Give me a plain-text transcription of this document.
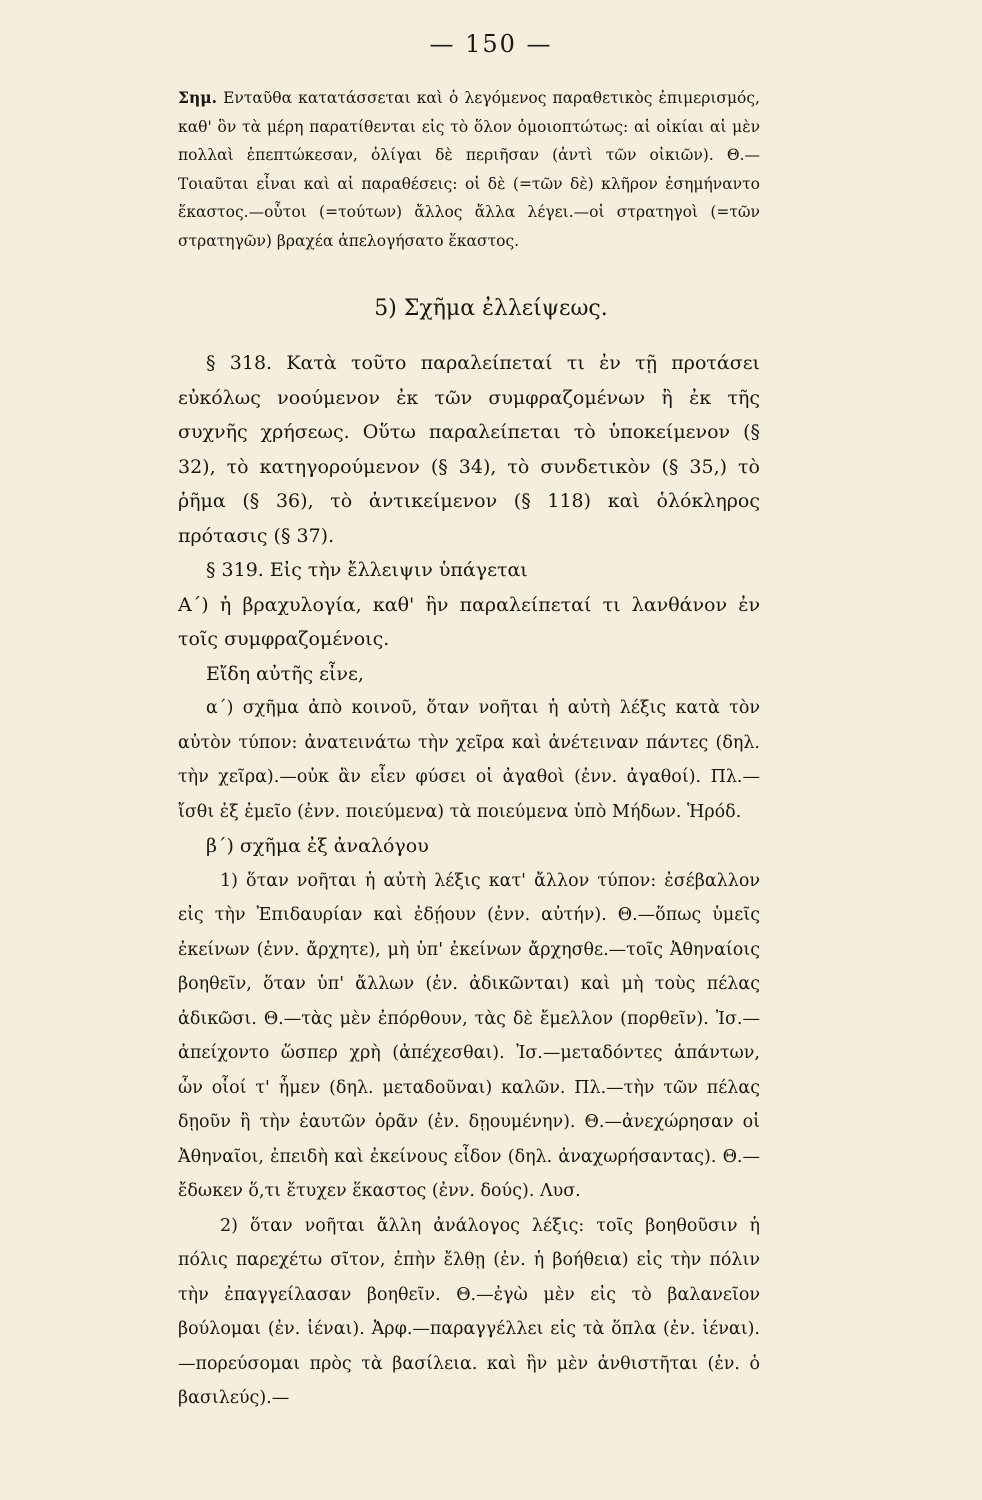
— 150 —
Σημ. Ενταῦθα κατατάσσεται καὶ ὁ λεγόμενος παραθετικὸς ἐπιμερισμός, καθ' ὃν τὰ μέρη παρατίθενται εἰς τὸ ὅλον ὁμοιοπτώτως: αἱ οἰκίαι αἱ μὲν πολλαὶ ἐπεπτώκεσαν, ὀλίγαι δὲ περιῆσαν (ἀντὶ τῶν οἰκιῶν). Θ.—Τοιαῦται εἶναι καὶ αἱ παραθέσεις: οἱ δὲ (=τῶν δὲ) κλῆρον ἐσημήναντο ἕκαστος.—οὗτοι (=τούτων) ἄλλος ἄλλα λέγει.—οἱ στρατηγοὶ (=τῶν στρατηγῶν) βραχέα ἀπελογήσατο ἕκαστος.
5) Σχῆμα ἐλλείψεως.

§ 318. Κατὰ τοῦτο παραλείπεταί τι ἐν τῇ προτάσει εὐκόλως νοούμενον ἐκ τῶν συμφραζομένων ἢ ἐκ τῆς συχνῆς χρήσεως. Οὕτω παραλείπεται τὸ ὑποκείμενον (§ 32), τὸ κατηγορούμενον (§ 34), τὸ συνδετικὸν (§ 35,) τὸ ῥῆμα (§ 36), τὸ ἀντικείμενον (§ 118) καὶ ὁλόκληρος πρότασις (§ 37).

§ 319. Εἰς τὴν ἔλλειψιν ὑπάγεται

Α΄) ἡ βραχυλογία, καθ' ἣν παραλείπεταί τι λανθάνον ἐν τοῖς συμφραζομένοις.

Εἴδη αὐτῆς εἶνε,

α΄) σχῆμα ἀπὸ κοινοῦ, ὅταν νοῆται ἡ αὐτὴ λέξις κατὰ τὸν αὐτὸν τύπον: ἀνατεινάτω τὴν χεῖρα καὶ ἀνέτειναν πάντες (δηλ. τὴν χεῖρα).—οὐκ ἂν εἶεν φύσει οἱ ἀγαθοὶ (ἐνν. ἀγαθοί). Πλ.— ἴσθι ἐξ ἐμεῖο (ἐνν. ποιεύμενα) τὰ ποιεύμενα ὑπὸ Μήδων. Ἡρόδ.

β΄) σχῆμα ἐξ ἀναλόγου

1) ὅταν νοῆται ἡ αὐτὴ λέξις κατ' ἄλλον τύπον: ἐσέβαλλον εἰς τὴν Ἐπιδαυρίαν καὶ ἐδῄουν (ἐνν. αὐτήν). Θ.—ὅπως ὑμεῖς ἐκείνων (ἐνν. ἄρχητε), μὴ ὑπ' ἐκείνων ἄρχησθε.—τοῖς Ἀθηναίοις βοηθεῖν, ὅταν ὑπ' ἄλλων (ἐν. ἀδικῶνται) καὶ μὴ τοὺς πέλας ἀδικῶσι. Θ.—τὰς μὲν ἐπόρθουν, τὰς δὲ ἔμελλον (πορθεῖν). Ἰσ.— ἀπείχοντο ὥσπερ χρὴ (ἀπέχεσθαι). Ἰσ.—μεταδόντες ἁπάντων, ὧν οἷοί τ' ἦμεν (δηλ. μεταδοῦναι) καλῶν. Πλ.—τὴν τῶν πέλας δῃοῦν ἢ τὴν ἑαυτῶν ὁρᾶν (ἐν. δῃουμένην). Θ.—ἀνεχώρησαν οἱ Ἀθηναῖοι, ἐπειδὴ καὶ ἐκείνους εἶδον (δηλ. ἀναχωρήσαντας). Θ.—ἔδωκεν ὅ,τι ἔτυχεν ἕκαστος (ἐνν. δούς). Λυσ.

2) ὅταν νοῆται ἄλλη ἀνάλογος λέξις: τοῖς βοηθοῦσιν ἡ πόλις παρεχέτω σῖτον, ἐπὴν ἔλθῃ (ἐν. ἡ βοήθεια) εἰς τὴν πόλιν τὴν ἐπαγγείλασαν βοηθεῖν. Θ.—ἐγὼ μὲν εἰς τὸ βαλανεῖον βούλομαι (ἐν. ἰέναι). Ἀρφ.—παραγγέλλει εἰς τὰ ὅπλα (ἐν. ἰέναι).—πορεύσομαι πρὸς τὰ βασίλεια. καὶ ἢν μὲν ἀνθιστῆται (ἐν. ὁ βασιλεύς).—
